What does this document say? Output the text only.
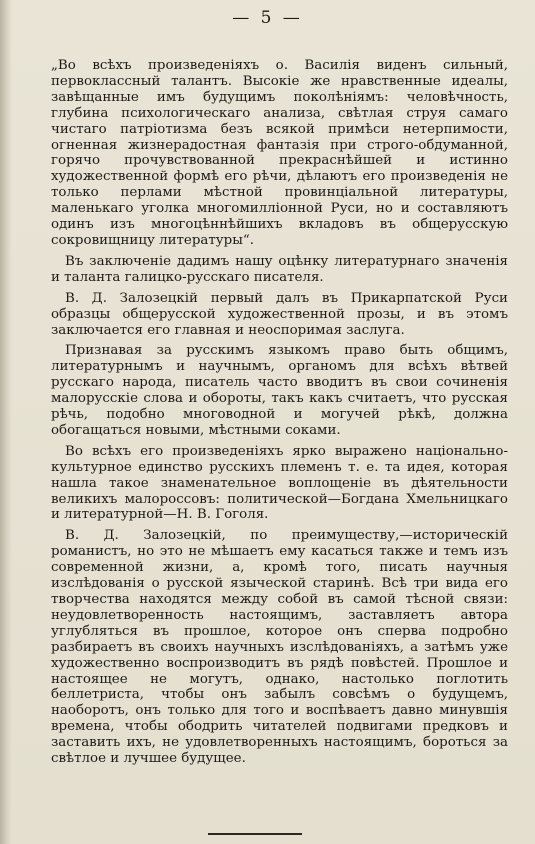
— 5 —

„Во всѣхъ произведеніяхъ о. Василія виденъ сильный, первоклассный талантъ. Высокіе же нравственные идеалы, завѣщанные имъ будущимъ поколѣніямъ: человѣчность, глубина психологическаго анализа, свѣтлая струя самаго чистаго патріотизма безъ всякой примѣси нетерпимости, огненная жизнерадостная фантазія при строго-обдуманной, горячо прочувствованной прекраснѣйшей и истинно художественной формѣ его рѣчи, дѣлаютъ его произведенія не только перлами мѣстной провинціальной литературы, маленькаго уголка многомилліонной Руси, но и составляютъ одинъ изъ многоцѣннѣйшихъ вкладовъ въ общерусскую сокровищницу литературы“.

Въ заключеніе дадимъ нашу оцѣнку литературнаго значенія и таланта галицко-русскаго писателя.

В. Д. Залозецкій первый далъ въ Прикарпатской Руси образцы общерусской художественной прозы, и въ этомъ заключается его главная и неоспоримая заслуга.

Признавая за русскимъ языкомъ право быть общимъ, литературнымъ и научнымъ, органомъ для всѣхъ вѣтвей русскаго народа, писатель часто вводитъ въ свои сочиненія малорусскіе слова и обороты, такъ какъ считаетъ, что русская рѣчь, подобно многоводной и могучей рѣкѣ, должна обогащаться новыми, мѣстными соками.

Во всѣхъ его произведеніяхъ ярко выражено національно-культурное единство русскихъ племенъ т. е. та идея, которая нашла такое знаменательное воплощеніе въ дѣятельности великихъ малороссовъ: политической—Богдана Хмельницкаго и литературной—Н. В. Гоголя.

В. Д. Залозецкій, по преимуществу,—историческій романистъ, но это не мѣшаетъ ему касаться также и темъ изъ современной жизни, а, кромѣ того, писать научныя изслѣдованія о русской языческой старинѣ. Всѣ три вида его творчества находятся между собой въ самой тѣсной связи: неудовлетворенность настоящимъ, заставляетъ автора углубляться въ прошлое, которое онъ сперва подробно разбираетъ въ своихъ научныхъ изслѣдованіяхъ, а затѣмъ уже художественно воспроизводитъ въ рядѣ повѣстей. Прошлое и настоящее не могутъ, однако, настолько поглотить беллетриста, чтобы онъ забылъ совсѣмъ о будущемъ, наоборотъ, онъ только для того и воспѣваетъ давно минувшія времена, чтобы ободрить читателей подвигами предковъ и заставить ихъ, не удовлетворенныхъ настоящимъ, бороться за свѣтлое и лучшее будущее.
